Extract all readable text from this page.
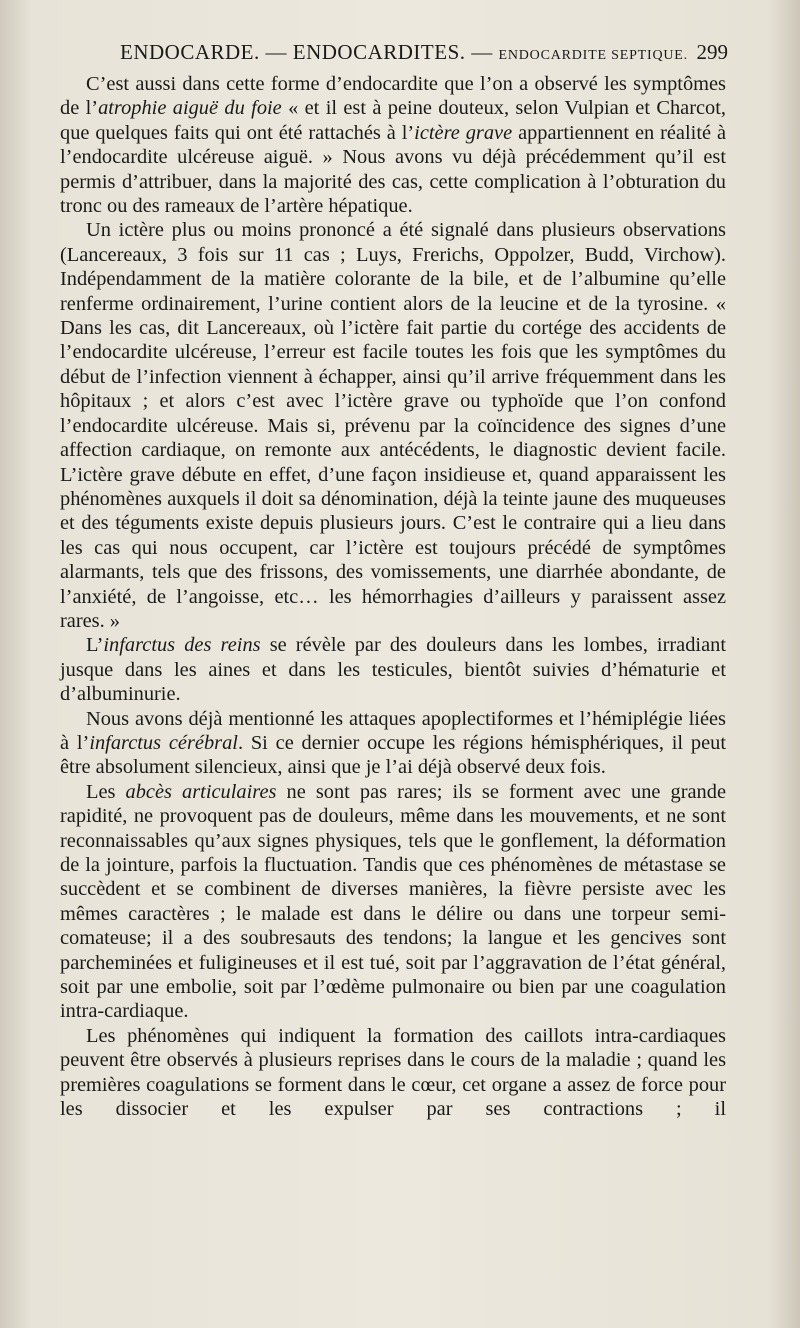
ENDOCARDE. — ENDOCARDITES. — ENDOCARDITE SEPTIQUE. 299

C’est aussi dans cette forme d’endocardite que l’on a observé les symptômes de l’atrophie aiguë du foie « et il est à peine douteux, selon Vulpian et Charcot, que quelques faits qui ont été rattachés à l’ictère grave appartiennent en réalité à l’endocardite ulcéreuse aiguë. » Nous avons vu déjà précédemment qu’il est permis d’attribuer, dans la majorité des cas, cette complication à l’obturation du tronc ou des rameaux de l’artère hépatique.

Un ictère plus ou moins prononcé a été signalé dans plusieurs observations (Lancereaux, 3 fois sur 11 cas ; Luys, Frerichs, Oppolzer, Budd, Virchow). Indépendamment de la matière colorante de la bile, et de l’albumine qu’elle renferme ordinairement, l’urine contient alors de la leucine et de la tyrosine. « Dans les cas, dit Lancereaux, où l’ictère fait partie du cortége des accidents de l’endocardite ulcéreuse, l’erreur est facile toutes les fois que les symptômes du début de l’infection viennent à échapper, ainsi qu’il arrive fréquemment dans les hôpitaux ; et alors c’est avec l’ictère grave ou typhoïde que l’on confond l’endocardite ulcéreuse. Mais si, prévenu par la coïncidence des signes d’une affection cardiaque, on remonte aux antécédents, le diagnostic devient facile. L’ictère grave débute en effet, d’une façon insidieuse et, quand apparaissent les phénomènes auxquels il doit sa dénomination, déjà la teinte jaune des muqueuses et des téguments existe depuis plusieurs jours. C’est le contraire qui a lieu dans les cas qui nous occupent, car l’ictère est toujours précédé de symptômes alarmants, tels que des frissons, des vomissements, une diarrhée abondante, de l’anxiété, de l’angoisse, etc… les hémorrhagies d’ailleurs y paraissent assez rares. »

L’infarctus des reins se révèle par des douleurs dans les lombes, irradiant jusque dans les aines et dans les testicules, bientôt suivies d’hématurie et d’albuminurie.

Nous avons déjà mentionné les attaques apoplectiformes et l’hémiplégie liées à l’infarctus cérébral. Si ce dernier occupe les régions hémisphériques, il peut être absolument silencieux, ainsi que je l’ai déjà observé deux fois.

Les abcès articulaires ne sont pas rares; ils se forment avec une grande rapidité, ne provoquent pas de douleurs, même dans les mouvements, et ne sont reconnaissables qu’aux signes physiques, tels que le gonflement, la déformation de la jointure, parfois la fluctuation. Tandis que ces phénomènes de métastase se succèdent et se combinent de diverses manières, la fièvre persiste avec les mêmes caractères ; le malade est dans le délire ou dans une torpeur semi-comateuse; il a des soubresauts des tendons; la langue et les gencives sont parcheminées et fuligineuses et il est tué, soit par l’aggravation de l’état général, soit par une embolie, soit par l’œdème pulmonaire ou bien par une coagulation intra-cardiaque.

Les phénomènes qui indiquent la formation des caillots intra-cardiaques peuvent être observés à plusieurs reprises dans le cours de la maladie ; quand les premières coagulations se forment dans le cœur, cet organe a assez de force pour les dissocier et les expulser par ses contractions ; il
